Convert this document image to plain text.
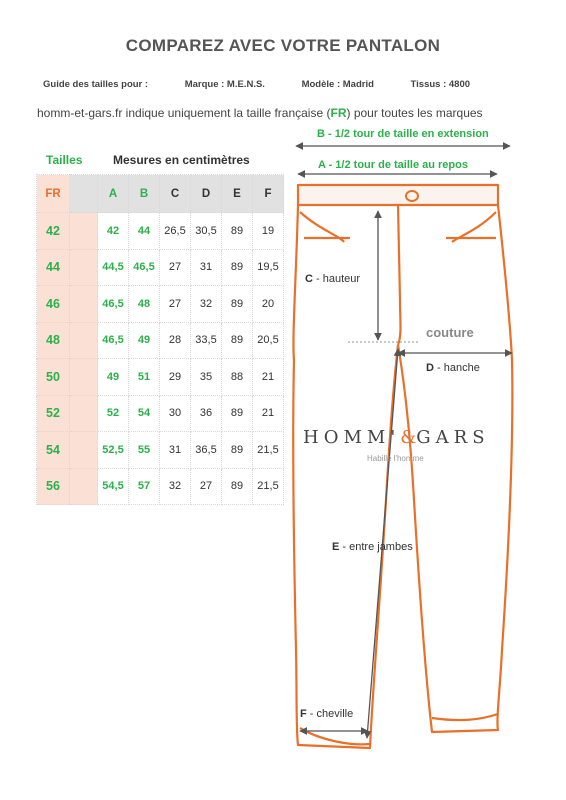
COMPAREZ AVEC VOTRE PANTALON
Guide des tailles pour :	Marque : M.E.N.S.	Modèle : Madrid	Tissus : 4800
homm-et-gars.fr indique uniquement la taille française (FR) pour toutes les marques
Tailles	Mesures en centimètres
FR		A	B	C	D	E	F
42		42	44	26,5	30,5	89	19
44		44,5	46,5	27	31	89	19,5
46		46,5	48	27	32	89	20
48		46,5	49	28	33,5	89	20,5
50		49	51	29	35	88	21
52		52	54	30	36	89	21
54		52,5	55	31	36,5	89	21,5
56		54,5	57	32	27	89	21,5
B - 1/2 tour de taille en extension
A - 1/2 tour de taille au repos
C - hauteur
D - hanche
E - entre jambes
F - cheville
couture
HOMM'&GARS
Habille l'homme
